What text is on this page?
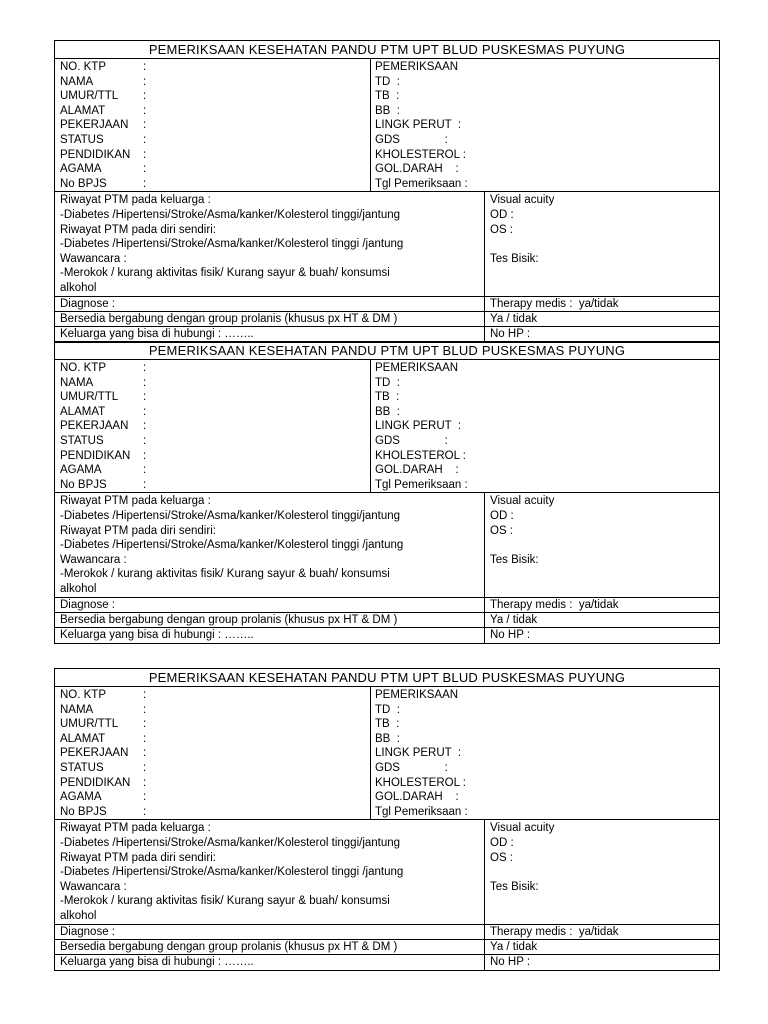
PEMERIKSAAN KESEHATAN PANDU PTM UPT BLUD PUSKESMAS PUYUNG
NO. KTP	:
NAMA	:
UMUR/TTL :
ALAMAT	:
PEKERJAAN :
STATUS	:
PENDIDIKAN :
AGAMA	:
No BPJS	:
PEMERIKSAAN
TD  :
TB  :
BB  :
LINGK PERUT  :
GDS              :
KHOLESTEROL :
GOL.DARAH    :
Tgl Pemeriksaan :
Riwayat PTM pada keluarga :
-Diabetes /Hipertensi/Stroke/Asma/kanker/Kolesterol tinggi/jantung
Riwayat PTM pada diri sendiri:
-Diabetes /Hipertensi/Stroke/Asma/kanker/Kolesterol tinggi /jantung
Wawancara :
-Merokok / kurang aktivitas fisik/ Kurang sayur & buah/ konsumsi
alkohol
Visual acuity
OD :
OS :
Tes Bisik:
Diagnose :	Therapy medis :  ya/tidak
Bersedia bergabung dengan group prolanis (khusus px HT & DM )	Ya / tidak
Keluarga yang bisa di hubungi : ……..	No HP :
PEMERIKSAAN KESEHATAN PANDU PTM UPT BLUD PUSKESMAS PUYUNG
NO. KTP	:
NAMA	:
UMUR/TTL :
ALAMAT	:
PEKERJAAN :
STATUS	:
PENDIDIKAN :
AGAMA	:
No BPJS	:
PEMERIKSAAN
TD  :
TB  :
BB  :
LINGK PERUT  :
GDS              :
KHOLESTEROL :
GOL.DARAH    :
Tgl Pemeriksaan :
Riwayat PTM pada keluarga :
-Diabetes /Hipertensi/Stroke/Asma/kanker/Kolesterol tinggi/jantung
Riwayat PTM pada diri sendiri:
-Diabetes /Hipertensi/Stroke/Asma/kanker/Kolesterol tinggi /jantung
Wawancara :
-Merokok / kurang aktivitas fisik/ Kurang sayur & buah/ konsumsi
alkohol
Visual acuity
OD :
OS :
Tes Bisik:
Diagnose :	Therapy medis :  ya/tidak
Bersedia bergabung dengan group prolanis (khusus px HT & DM )	Ya / tidak
Keluarga yang bisa di hubungi : ……..	No HP :
PEMERIKSAAN KESEHATAN PANDU PTM UPT BLUD PUSKESMAS PUYUNG
NO. KTP	:
NAMA	:
UMUR/TTL :
ALAMAT	:
PEKERJAAN :
STATUS	:
PENDIDIKAN :
AGAMA	:
No BPJS	:
PEMERIKSAAN
TD  :
TB  :
BB  :
LINGK PERUT  :
GDS              :
KHOLESTEROL :
GOL.DARAH    :
Tgl Pemeriksaan :
Riwayat PTM pada keluarga :
-Diabetes /Hipertensi/Stroke/Asma/kanker/Kolesterol tinggi/jantung
Riwayat PTM pada diri sendiri:
-Diabetes /Hipertensi/Stroke/Asma/kanker/Kolesterol tinggi /jantung
Wawancara :
-Merokok / kurang aktivitas fisik/ Kurang sayur & buah/ konsumsi
alkohol
Visual acuity
OD :
OS :
Tes Bisik:
Diagnose :	Therapy medis :  ya/tidak
Bersedia bergabung dengan group prolanis (khusus px HT & DM )	Ya / tidak
Keluarga yang bisa di hubungi : ……..	No HP :
